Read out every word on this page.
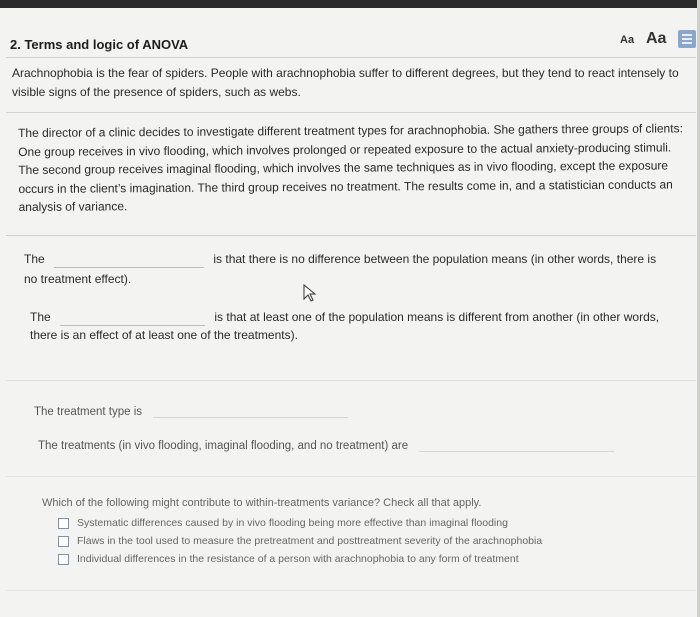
2. Terms and logic of ANOVA	Aa Aa
Arachnophobia is the fear of spiders. People with arachnophobia suffer to different degrees, but they tend to react intensely to visible signs of the presence of spiders, such as webs.
The director of a clinic decides to investigate different treatment types for arachnophobia. She gathers three groups of clients: One group receives in vivo flooding, which involves prolonged or repeated exposure to the actual anxiety-producing stimuli. The second group receives imaginal flooding, which involves the same techniques as in vivo flooding, except the exposure occurs in the client’s imagination. The third group receives no treatment. The results come in, and a statistician conducts an analysis of variance.
The	is that there is no difference between the population means (in other words, there is
no treatment effect).
The	is that at least one of the population means is different from another (in other words,
there is an effect of at least one of the treatments).
The treatment type is
The treatments (in vivo flooding, imaginal flooding, and no treatment) are
Which of the following might contribute to within-treatments variance? Check all that apply.
Systematic differences caused by in vivo flooding being more effective than imaginal flooding
Flaws in the tool used to measure the pretreatment and posttreatment severity of the arachnophobia
Individual differences in the resistance of a person with arachnophobia to any form of treatment
